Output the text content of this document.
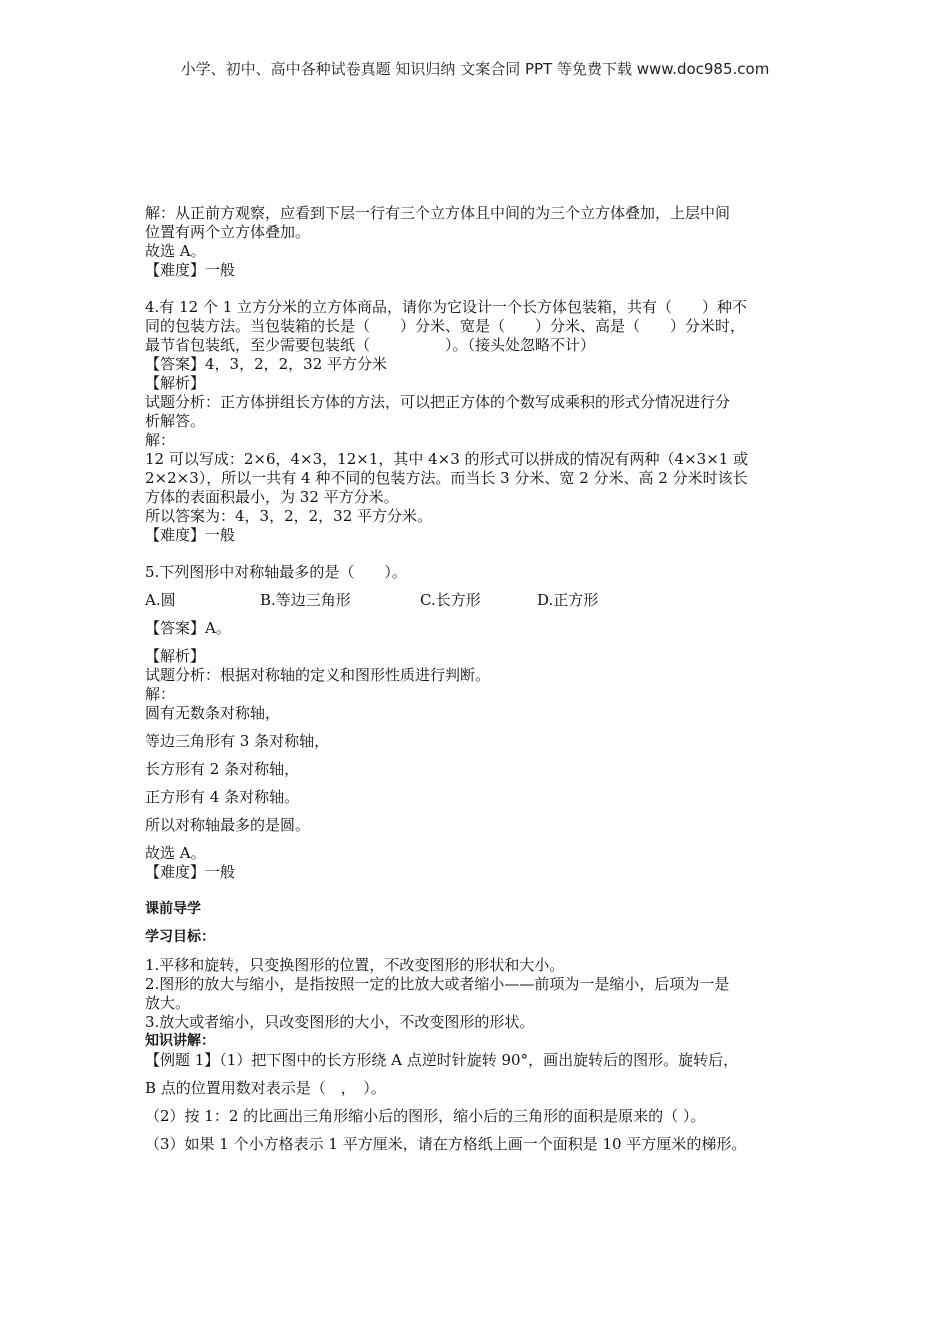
小学、初中、高中各种试卷真题 知识归纳 文案合同 PPT 等免费下载 www.doc985.com

解：从正前方观察，应看到下层一行有三个立方体且中间的为三个立方体叠加，上层中间

位置有两个立方体叠加。

故选 A。

【难度】一般

4.有 12 个 1 立方分米的立方体商品，请你为它设计一个长方体包装箱，共有（　　）种不

同的包装方法。当包装箱的长是（　　）分米、宽是（　　）分米、高是（　　）分米时，

最节省包装纸，至少需要包装纸（　　　　　）。（接头处忽略不计）

【答案】4，3，2，2，32 平方分米

【解析】

试题分析：正方体拼组长方体的方法，可以把正方体的个数写成乘积的形式分情况进行分

析解答。

解：

12 可以写成：2×6，4×3，12×1，其中 4×3 的形式可以拼成的情况有两种（4×3×1 或

2×2×3），所以一共有 4 种不同的包装方法。而当长 3 分米、宽 2 分米、高 2 分米时该长

方体的表面积最小，为 32 平方分米。

所以答案为：4，3，2，2，32 平方分米。

【难度】一般

5.下列图形中对称轴最多的是（　　）。

A.圆	B.等边三角形	C.长方形	D.正方形

【答案】A。

【解析】

试题分析：根据对称轴的定义和图形性质进行判断。

解：

圆有无数条对称轴，

等边三角形有 3 条对称轴，

长方形有 2 条对称轴，

正方形有 4 条对称轴。

所以对称轴最多的是圆。

故选 A。

【难度】一般

课前导学

学习目标：

1.平移和旋转，只变换图形的位置，不改变图形的形状和大小。

2.图形的放大与缩小，是指按照一定的比放大或者缩小——前项为一是缩小，后项为一是

放大。

3.放大或者缩小，只改变图形的大小，不改变图形的形状。

知识讲解：

【例题 1】（1）把下图中的长方形绕 A 点逆时针旋转 90°，画出旋转后的图形。旋转后，

B 点的位置用数对表示是（　，　）。

（2）按 1：2 的比画出三角形缩小后的图形，缩小后的三角形的面积是原来的（ ）。

（3）如果 1 个小方格表示 1 平方厘米，请在方格纸上画一个面积是 10 平方厘米的梯形。
